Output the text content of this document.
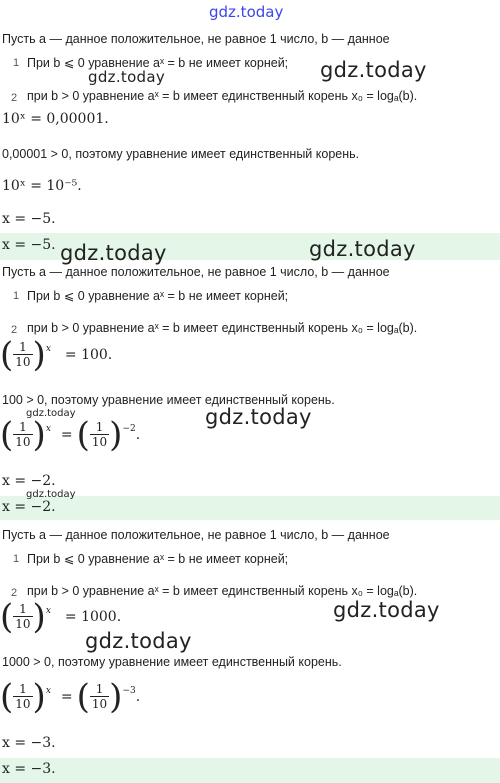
gdz.today
Пусть a — данное положительное, не равное 1 число, b — данное
1 При b ⩽ 0 уравнение aˣ = b не имеет корней;
gdz.today	gdz.today
2 при b > 0 уравнение aˣ = b имеет единственный корень x₀ = logₐ(b).
10ˣ = 0,00001.
0,00001 > 0, поэтому уравнение имеет единственный корень.
10ˣ = 10⁻⁵.
x = −5.
x = −5. gdz.today	gdz.today
Пусть a — данное положительное, не равное 1 число, b — данное
1 При b ⩽ 0 уравнение aˣ = b не имеет корней;
2 при b > 0 уравнение aˣ = b имеет единственный корень x₀ = logₐ(b).
( $\frac{1}{10}$ ) x = 100.
100 > 0, поэтому уравнение имеет единственный корень.
gdz.today	gdz.today
( $\frac{1}{10}$ ) x = ( $\frac{1}{10}$ ) −2 .
x = −2.
gdz.today
x = −2.
Пусть a — данное положительное, не равное 1 число, b — данное
1 При b ⩽ 0 уравнение aˣ = b не имеет корней;
2 при b > 0 уравнение aˣ = b имеет единственный корень x₀ = logₐ(b).
( $\frac{1}{10}$ ) x = 1000.	gdz.today
gdz.today
1000 > 0, поэтому уравнение имеет единственный корень.
( $\frac{1}{10}$ ) x = ( $\frac{1}{10}$ ) −3 .
x = −3.
x = −3.
